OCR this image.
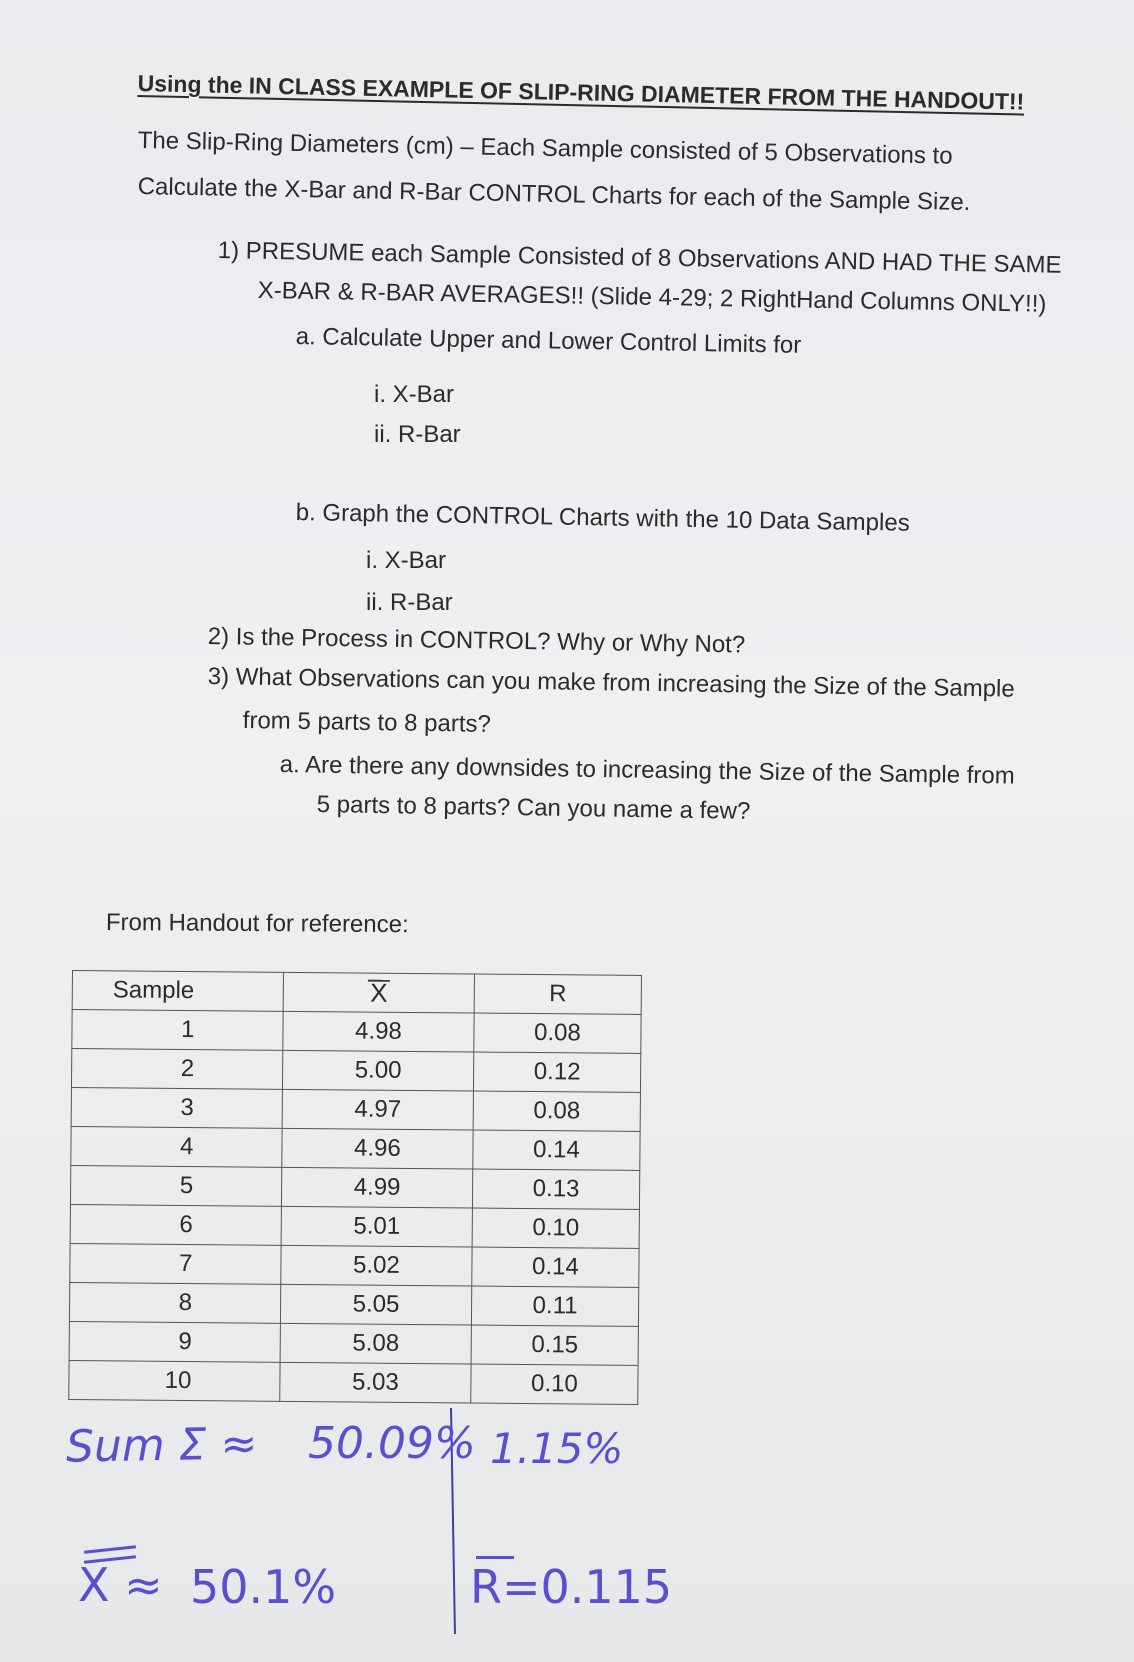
Using the IN CLASS EXAMPLE OF SLIP-RING DIAMETER FROM THE HANDOUT!!
The Slip-Ring Diameters (cm) – Each Sample consisted of 5 Observations to
Calculate the X-Bar and R-Bar CONTROL Charts for each of the Sample Size.
1) PRESUME each Sample Consisted of 8 Observations AND HAD THE SAME
X-BAR & R-BAR AVERAGES!! (Slide 4-29; 2 RightHand Columns ONLY!!)
a. Calculate Upper and Lower Control Limits for
i. X-Bar
ii. R-Bar
b. Graph the CONTROL Charts with the 10 Data Samples
i. X-Bar
ii. R-Bar
2) Is the Process in CONTROL? Why or Why Not?
3) What Observations can you make from increasing the Size of the Sample
from 5 parts to 8 parts?
a. Are there any downsides to increasing the Size of the Sample from
5 parts to 8 parts? Can you name a few?
From Handout for reference:
Sample	X	R
1	4.98	0.08
2	5.00	0.12
3	4.97	0.08
4	4.96	0.14
5	4.99	0.13
6	5.01	0.10
7	5.02	0.14
8	5.05	0.11
9	5.08	0.15
10	5.03	0.10
Sum Σ ≈ 50.09% 1.15%
X ≈ 50.1%	R=0.115
